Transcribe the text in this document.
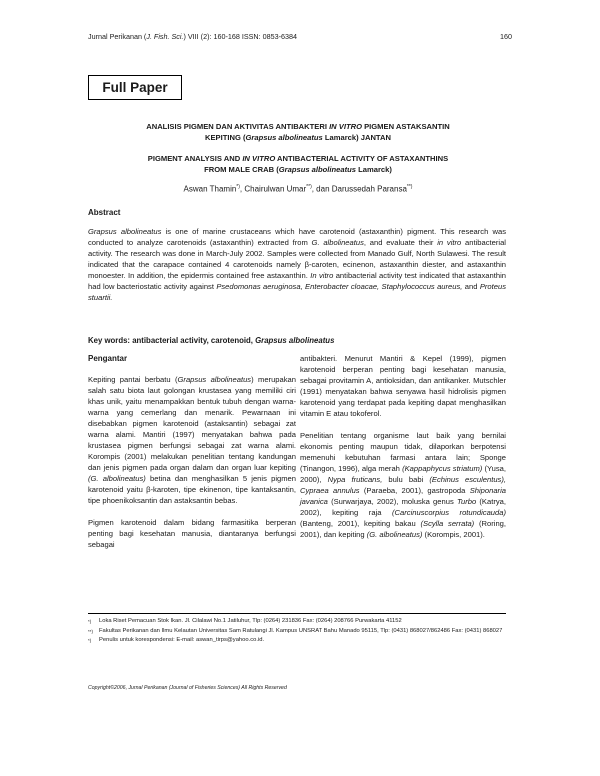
Jurnal Perikanan (J. Fish. Sci.) VIII (2): 160-168 ISSN: 0853-6384	160
Full Paper
ANALISIS PIGMEN DAN AKTIVITAS ANTIBAKTERI IN VITRO PIGMEN ASTAKSANTIN
KEPITING (Grapsus albolineatus Lamarck) JANTAN
PIGMENT ANALYSIS AND IN VITRO ANTIBACTERIAL ACTIVITY OF ASTAXANTHINS
FROM MALE CRAB (Grapsus albolineatus Lamarck)
Aswan Thamin*), Chairulwan Umar**), dan Darussedah Paransa**)
Abstract
Grapsus albolineatus is one of marine crustaceans which have carotenoid (astaxanthin) pigment. This research was conducted to analyze carotenoids (astaxanthin) extracted from G. albolineatus, and evaluate their in vitro antibacterial activity. The research was done in March-July 2002. Samples were collected from Manado Gulf, North Sulawesi. The result indicated that the carapace contained 4 carotenoids namely β-caroten, ecinenon, astaxanthin diester, and astaxanthin monoester. In addition, the epidermis contained free astaxanthin. In vitro antibacterial activity test indicated that astaxanthin had low bacteriostatic activity against Psedomonas aeruginosa, Enterobacter cloacae, Staphylococcus aureus, and Proteus stuartii.
Key words: antibacterial activity, carotenoid, Grapsus albolineatus
Pengantar

Kepiting pantai berbatu (Grapsus albolineatus) merupakan salah satu biota laut golongan krustasea yang memiliki ciri khas unik, yaitu menampakkan bentuk tubuh dengan warna-warna yang cemerlang dan menarik. Pewarnaan ini disebabkan pigmen karotenoid (astaksantin) sebagai zat warna alami. Mantiri (1997) menyatakan bahwa pada krustasea pigmen berfungsi sebagai zat warna alami. Korompis (2001) melakukan penelitian tentang kandungan dan jenis pigmen pada organ dalam dan organ luar kepiting (G. albolineatus) betina dan menghasilkan 5 jenis pigmen karotenoid yaitu β-karoten, tipe ekinenon, tipe kantaksantin, tipe phoenikoksantin dan astaksantin bebas.

Pigmen karotenoid dalam bidang farmasitika berperan penting bagi kesehatan manusia, diantaranya berfungsi sebagai

antibakteri. Menurut Mantiri & Kepel (1999), pigmen karotenoid berperan penting bagi kesehatan manusia, sebagai provitamin A, antioksidan, dan antikanker. Mutschler (1991) menyatakan bahwa senyawa hasil hidrolisis pigmen karotenoid yang terdapat pada kepiting dapat menghasilkan vitamin E atau tokoferol.

Penelitian tentang organisme laut baik yang bernilai ekonomis penting maupun tidak, dilaporkan berpotensi memenuhi kebutuhan farmasi antara lain; Sponge (Tinangon, 1996), alga merah (Kappaphycus striatum) (Yusa, 2000), Nypa fruticans, bulu babi (Echinus esculentus), Cypraea annulus (Paraeba, 2001), gastropoda Shiponaria javanica (Surwarjaya, 2002), moluska genus Turbo (Katrya, 2002), kepiting raja (Carcinuscorpius rotundicauda) (Banteng, 2001), kepiting bakau (Scylla serrata) (Roring, 2001), dan kepiting (G. albolineatus) (Korompis, 2001).

*) Loka Riset Pemacuan Stok Ikan. Jl. Cilalawi No.1 Jatiluhur, Tlp: (0264) 231836 Fax: (0264) 208766 Purwakarta 41152
**) Fakultas Perikanan dan Ilmu Kelautan Universitas Sam Ratulangi Jl. Kampus UNSRAT Bahu Manado 95115, Tlp: (0431) 868027/862486 Fax: (0431) 868027
*) Penulis untuk korespondensi: E-mail: aswan_tirps@yahoo.co.id.
Copyright©2006, Jurnal Perikanan (Journal of Fisheries Sciences) All Rights Reserved
